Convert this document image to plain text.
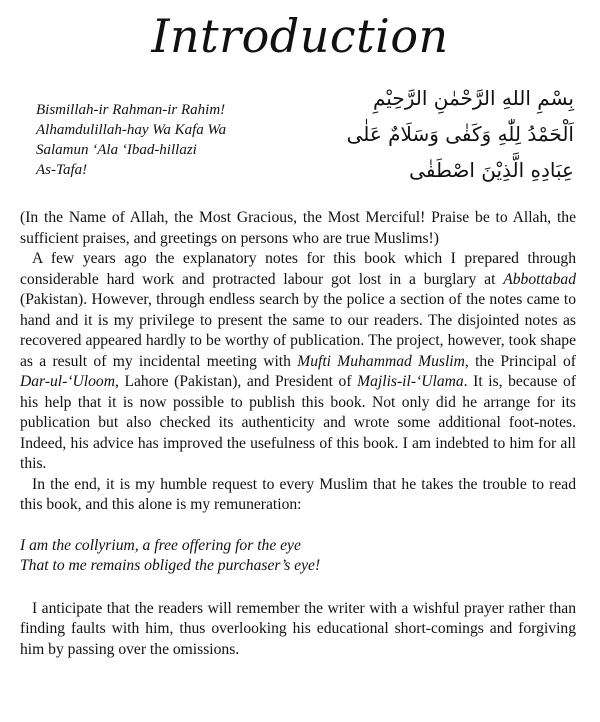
Introduction
Bismillah-ir Rahman-ir Rahim!
Alhamdulillah-hay Wa Kafa Wa
Salamun ‘Ala ‘Ibad-hillazi
As-Tafa!
بِسْمِ اللهِ الرَّحْمٰنِ الرَّحِيْمِ
اَلْحَمْدُ لِلّٰهِ وَكَفٰى وَسَلَامٌ عَلٰى
عِبَادِهِ الَّذِيْنَ اصْطَفٰى

(In the Name of Allah, the Most Gracious, the Most Merciful! Praise be to Allah, the sufficient praises, and greetings on persons who are true Muslims!)

A few years ago the explanatory notes for this book which I prepared through considerable hard work and protracted labour got lost in a burglary at Abbottabad (Pakistan). However, through endless search by the police a section of the notes came to hand and it is my privilege to present the same to our readers. The disjointed notes as recovered appeared hardly to be worthy of publication. The project, however, took shape as a result of my incidental meeting with Mufti Muhammad Muslim, the Principal of Dar-ul-‘Uloom, Lahore (Pakistan), and President of Majlis-il-‘Ulama. It is, because of his help that it is now possible to publish this book. Not only did he arrange for its publication but also checked its authenticity and wrote some additional foot-notes. Indeed, his advice has improved the usefulness of this book. I am indebted to him for all this.

In the end, it is my humble request to every Muslim that he takes the trouble to read this book, and this alone is my remuneration:

I am the collyrium, a free offering for the eye
That to me remains obliged the purchaser’s eye!

I anticipate that the readers will remember the writer with a wishful prayer rather than finding faults with him, thus overlooking his educational short-comings and forgiving him by passing over the omissions.
